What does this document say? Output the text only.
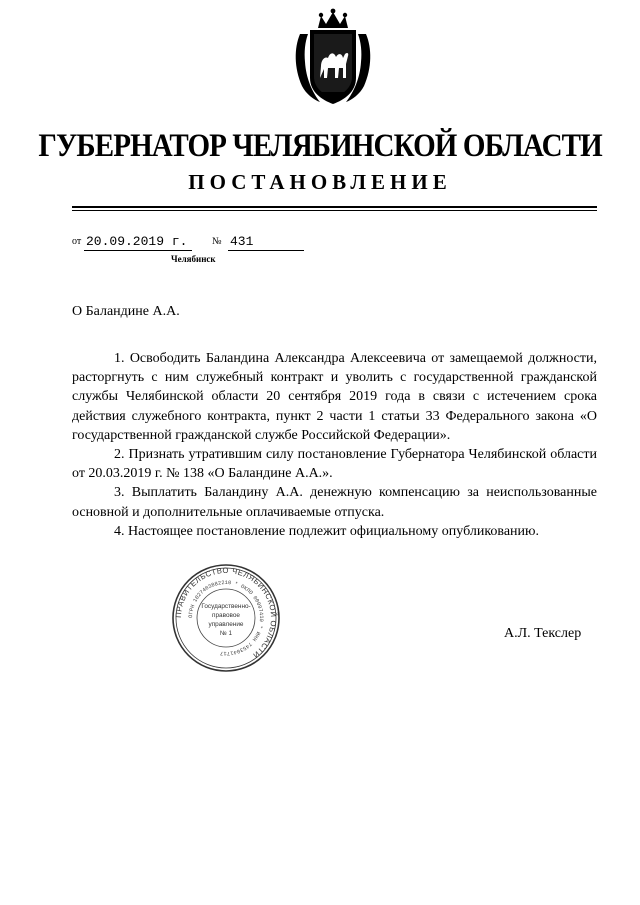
ГУБЕРНАТОР ЧЕЛЯБИНСКОЙ ОБЛАСТИ
ПОСТАНОВЛЕНИЕ
от 20.09.2019 г.	№ 431
Челябинск
О Баландине А.А.

1. Освободить Баландина Александра Алексеевича от замещаемой должности, расторгнуть с ним служебный контракт и уволить с государственной гражданской службы Челябинской области 20 сентября 2019 года в связи с истечением срока действия служебного контракта, пункт 2 части 1 статьи 33 Федерального закона «О государственной гражданской службе Российской Федерации».

2. Признать утратившим силу постановление Губернатора Челябинской области от 20.03.2019 г. № 138 «О Баландине А.А.».

3. Выплатить Баландину А.А. денежную компенсацию за неиспользованные основной и дополнительные оплачиваемые отпуска.

4. Настоящее постановление подлежит официальному опубликованию.

ПРАВИТЕЛЬСТВО ЧЕЛЯБИНСКОЙ ОБЛАСТИ
ОГРН 1027403882210 * ОКПО 00097410 * ИНН 7453041717
Государственно-
правовое
управление
№ 1	А.Л. Текслер
